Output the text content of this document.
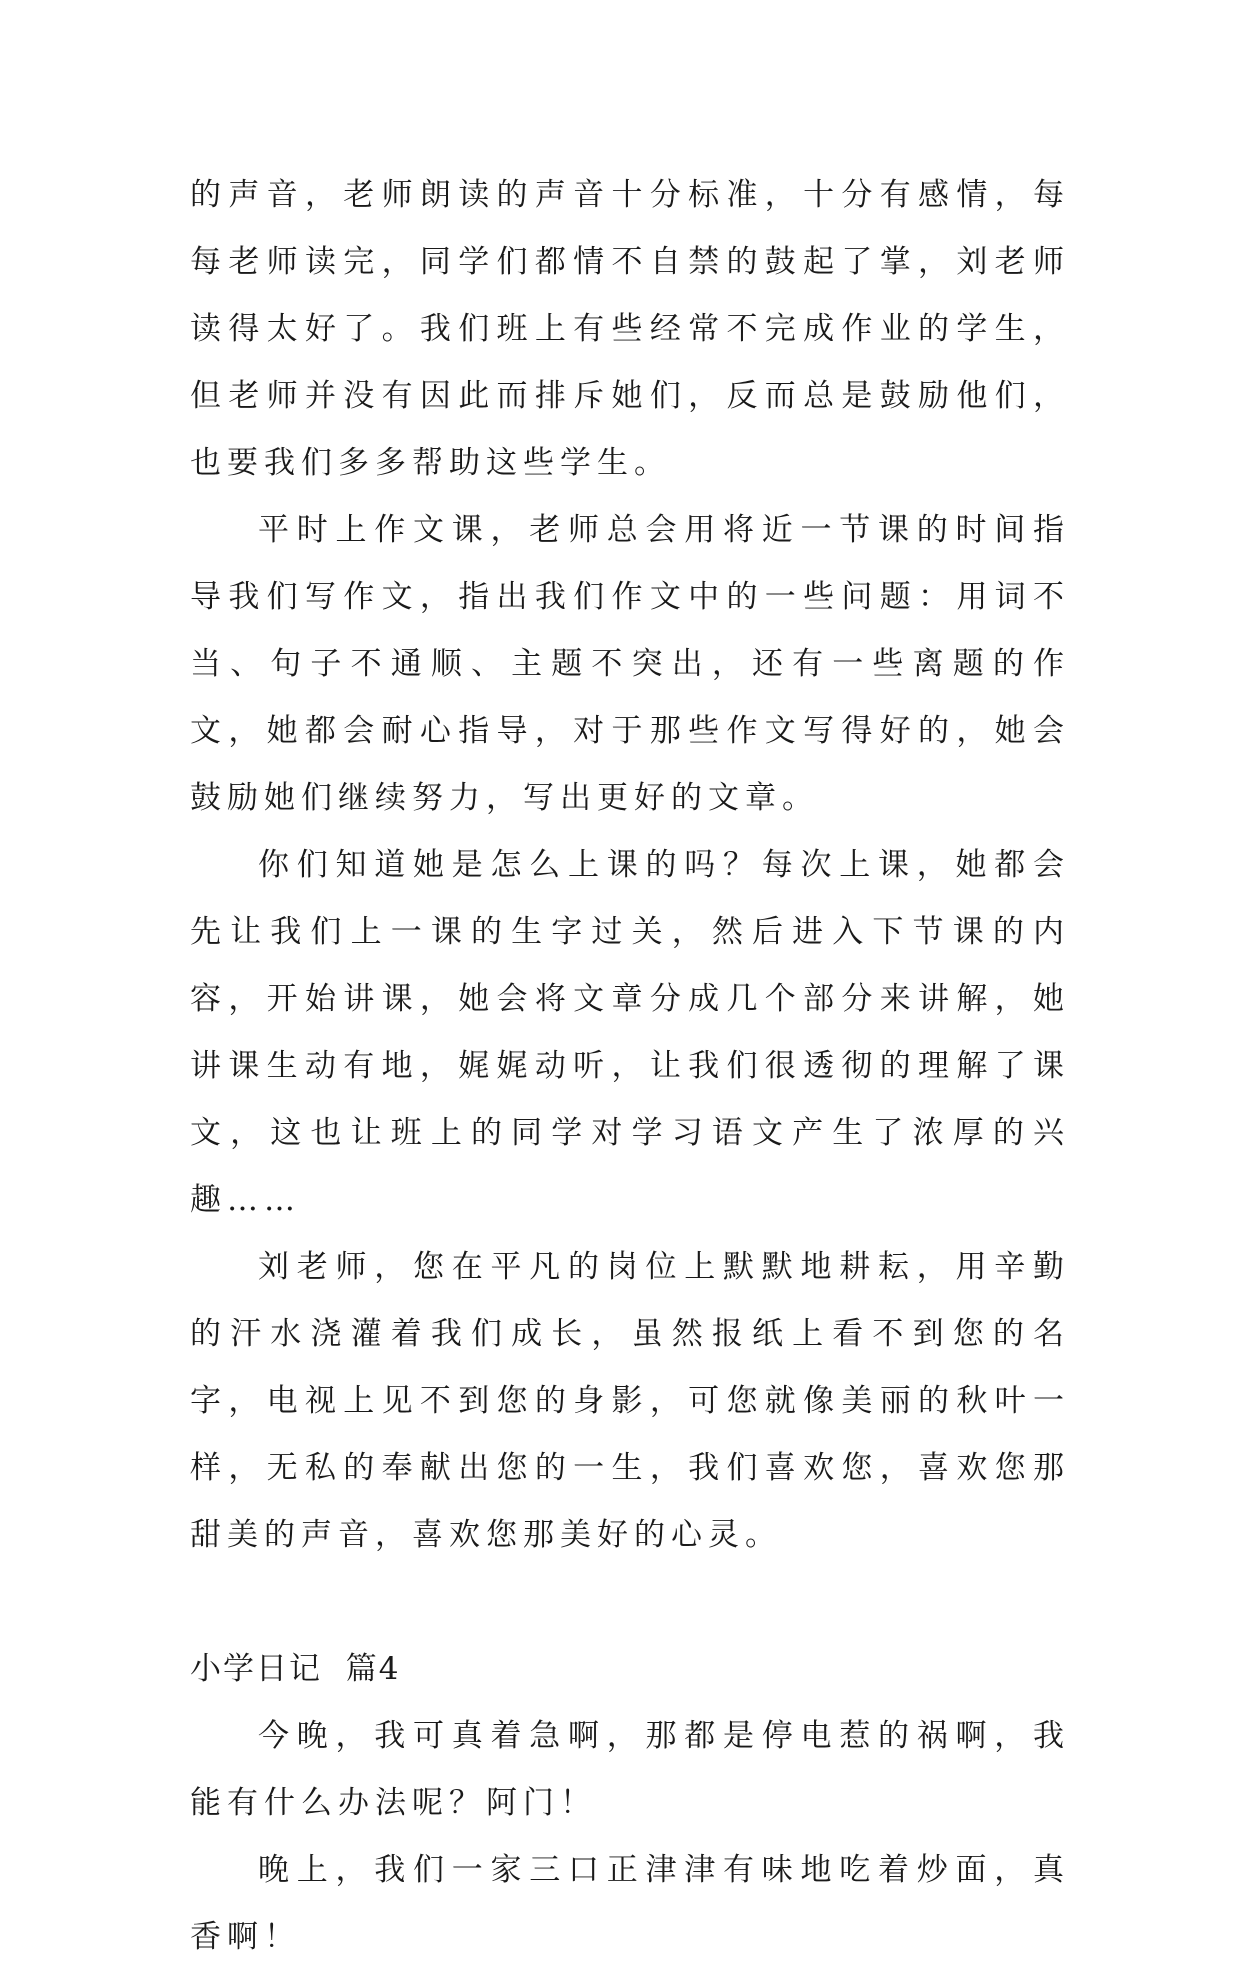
的声音，老师朗读的声音十分标准，十分有感情，每每老师读完，同学们都情不自禁的鼓起了掌，刘老师读得太好了。我们班上有些经常不完成作业的学生，但老师并没有因此而排斥她们，反而总是鼓励他们，也要我们多多帮助这些学生。

平时上作文课，老师总会用将近一节课的时间指导我们写作文，指出我们作文中的一些问题：用词不当、句子不通顺、主题不突出，还有一些离题的作文，她都会耐心指导，对于那些作文写得好的，她会鼓励她们继续努力，写出更好的文章。

你们知道她是怎么上课的吗？每次上课，她都会先让我们上一课的生字过关，然后进入下节课的内容，开始讲课，她会将文章分成几个部分来讲解，她讲课生动有地，娓娓动听，让我们很透彻的理解了课文，这也让班上的同学对学习语文产生了浓厚的兴趣……

刘老师，您在平凡的岗位上默默地耕耘，用辛勤的汗水浇灌着我们成长，虽然报纸上看不到您的名字，电视上见不到您的身影，可您就像美丽的秋叶一样，无私的奉献出您的一生，我们喜欢您，喜欢您那甜美的声音，喜欢您那美好的心灵。

小学日记  篇4

今晚，我可真着急啊，那都是停电惹的祸啊，我能有什么办法呢？阿门！

晚上，我们一家三口正津津有味地吃着炒面，真香啊！
